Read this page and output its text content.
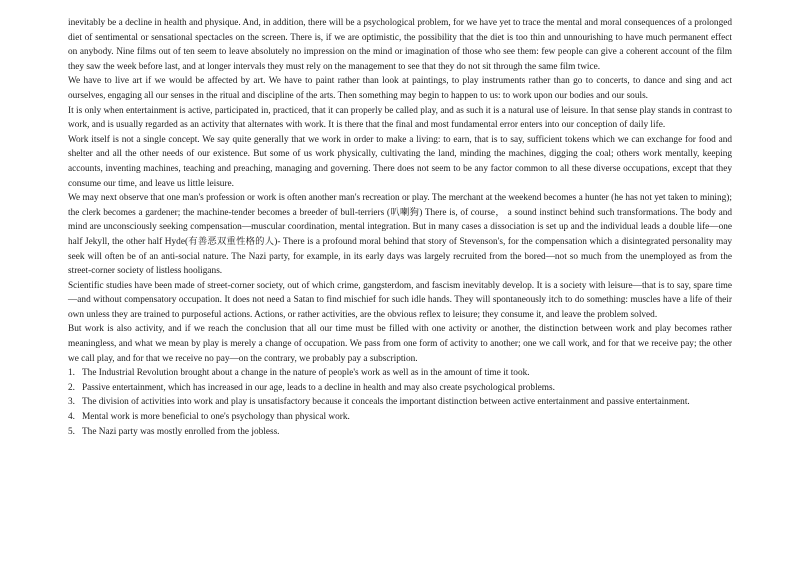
inevitably be a decline in health and physique. And, in addition, there will be a psychological problem, for we have yet to trace the mental and moral consequences of a prolonged diet of sentimental or sensational spectacles on the screen. There is, if we are optimistic, the possibility that the diet is too thin and unnourishing to have much permanent effect on anybody. Nine films out of ten seem to leave absolutely no impression on the mind or imagination of those who see them: few people can give a coherent account of the film they saw the week before last, and at longer intervals they must rely on the management to see that they do not sit through the same film twice.

We have to live art if we would be affected by art. We have to paint rather than look at paintings, to play instruments rather than go to concerts, to dance and sing and act ourselves, engaging all our senses in the ritual and discipline of the arts. Then something may begin to happen to us: to work upon our bodies and our souls.

It is only when entertainment is active, participated in, practiced, that it can properly be called play, and as such it is a natural use of leisure. In that sense play stands in contrast to work, and is usually regarded as an activity that alternates with work. It is there that the final and most fundamental error enters into our conception of daily life.

Work itself is not a single concept. We say quite generally that we work in order to make a living: to earn, that is to say, sufficient tokens which we can exchange for food and shelter and all the other needs of our existence. But some of us work physically, cultivating the land, minding the machines, digging the coal; others work mentally, keeping accounts, inventing machines, teaching and preaching, managing and governing. There does not seem to be any factor common to all these diverse occupations, except that they consume our time, and leave us little leisure.

We may next observe that one man's profession or work is often another man's recreation or play. The merchant at the weekend becomes a hunter (he has not yet taken to mining); the clerk becomes a gardener; the machine-tender becomes a breeder of bull-terriers (叭喇狗) There is, of course， a sound instinct behind such transformations. The body and mind are unconsciously seeking compensation—muscular coordination, mental integration. But in many cases a dissociation is set up and the individual leads a double life—one half Jekyll, the other half Hyde(有善恶双重性格的人)- There is a profound moral behind that story of Stevenson's, for the compensation which a disintegrated personality may seek will often be of an anti-social nature. The Nazi party, for example, in its early days was largely recruited from the bored—not so much from the unemployed as from the street-corner society of listless hooligans.

Scientific studies have been made of street-corner society, out of which crime, gangsterdom, and fascism inevitably develop. It is a society with leisure—that is to say, spare time—and without compensatory occupation. It does not need a Satan to find mischief for such idle hands. They will spontaneously itch to do something: muscles have a life of their own unless they are trained to purposeful actions. Actions, or rather activities, are the obvious reflex to leisure; they consume it, and leave the problem solved.

But work is also activity, and if we reach the conclusion that all our time must be filled with one activity or another, the distinction between work and play becomes rather meaningless, and what we mean by play is merely a change of occupation. We pass from one form of activity to another; one we call work, and for that we receive pay; the other we call play, and for that we receive no pay—on the contrary, we probably pay a subscription.

1. The Industrial Revolution brought about a change in the nature of people's work as well as in the amount of time it took.
2. Passive entertainment, which has increased in our age, leads to a decline in health and may also create psychological problems.
3. The division of activities into work and play is unsatisfactory because it conceals the important distinction between active entertainment and passive entertainment.
4. Mental work is more beneficial to one's psychology than physical work.
5. The Nazi party was mostly enrolled from the jobless.
